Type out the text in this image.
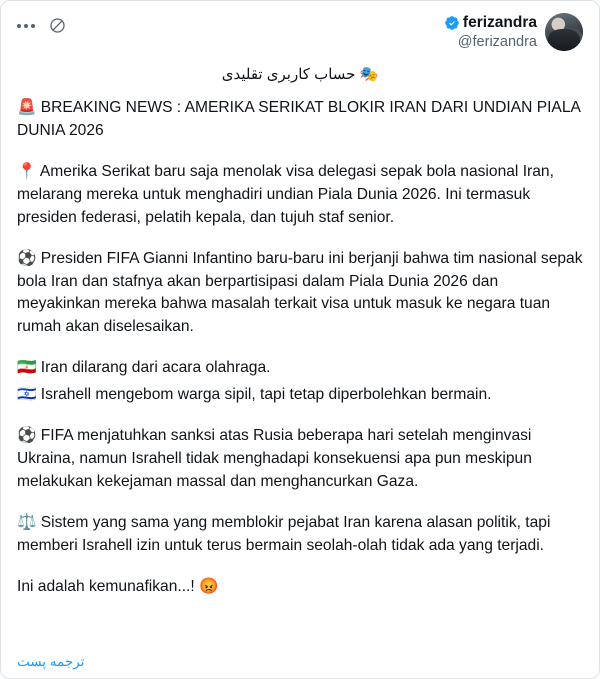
ferizandra
@ferizandra
🎭 حساب كاربرى تقليدى

🚨 BREAKING NEWS : AMERIKA SERIKAT BLOKIR IRAN DARI UNDIAN PIALA DUNIA 2026

📍 Amerika Serikat baru saja menolak visa delegasi sepak bola nasional Iran, melarang mereka untuk menghadiri undian Piala Dunia 2026. Ini termasuk presiden federasi, pelatih kepala, dan tujuh staf senior.

⚽ Presiden FIFA Gianni Infantino baru-baru ini berjanji bahwa tim nasional sepak bola Iran dan stafnya akan berpartisipasi dalam Piala Dunia 2026 dan meyakinkan mereka bahwa masalah terkait visa untuk masuk ke negara tuan rumah akan diselesaikan.

🇮🇷 Iran dilarang dari acara olahraga.

🇮🇱 Israhell mengebom warga sipil, tapi tetap diperbolehkan bermain.

⚽ FIFA menjatuhkan sanksi atas Rusia beberapa hari setelah menginvasi Ukraina, namun Israhell tidak menghadapi konsekuensi apa pun meskipun melakukan kekejaman massal dan menghancurkan Gaza.

⚖️ Sistem yang sama yang memblokir pejabat Iran karena alasan politik, tapi memberi Israhell izin untuk terus bermain seolah-olah tidak ada yang terjadi.

Ini adalah kemunafikan...! 😡

ترجمه پست
